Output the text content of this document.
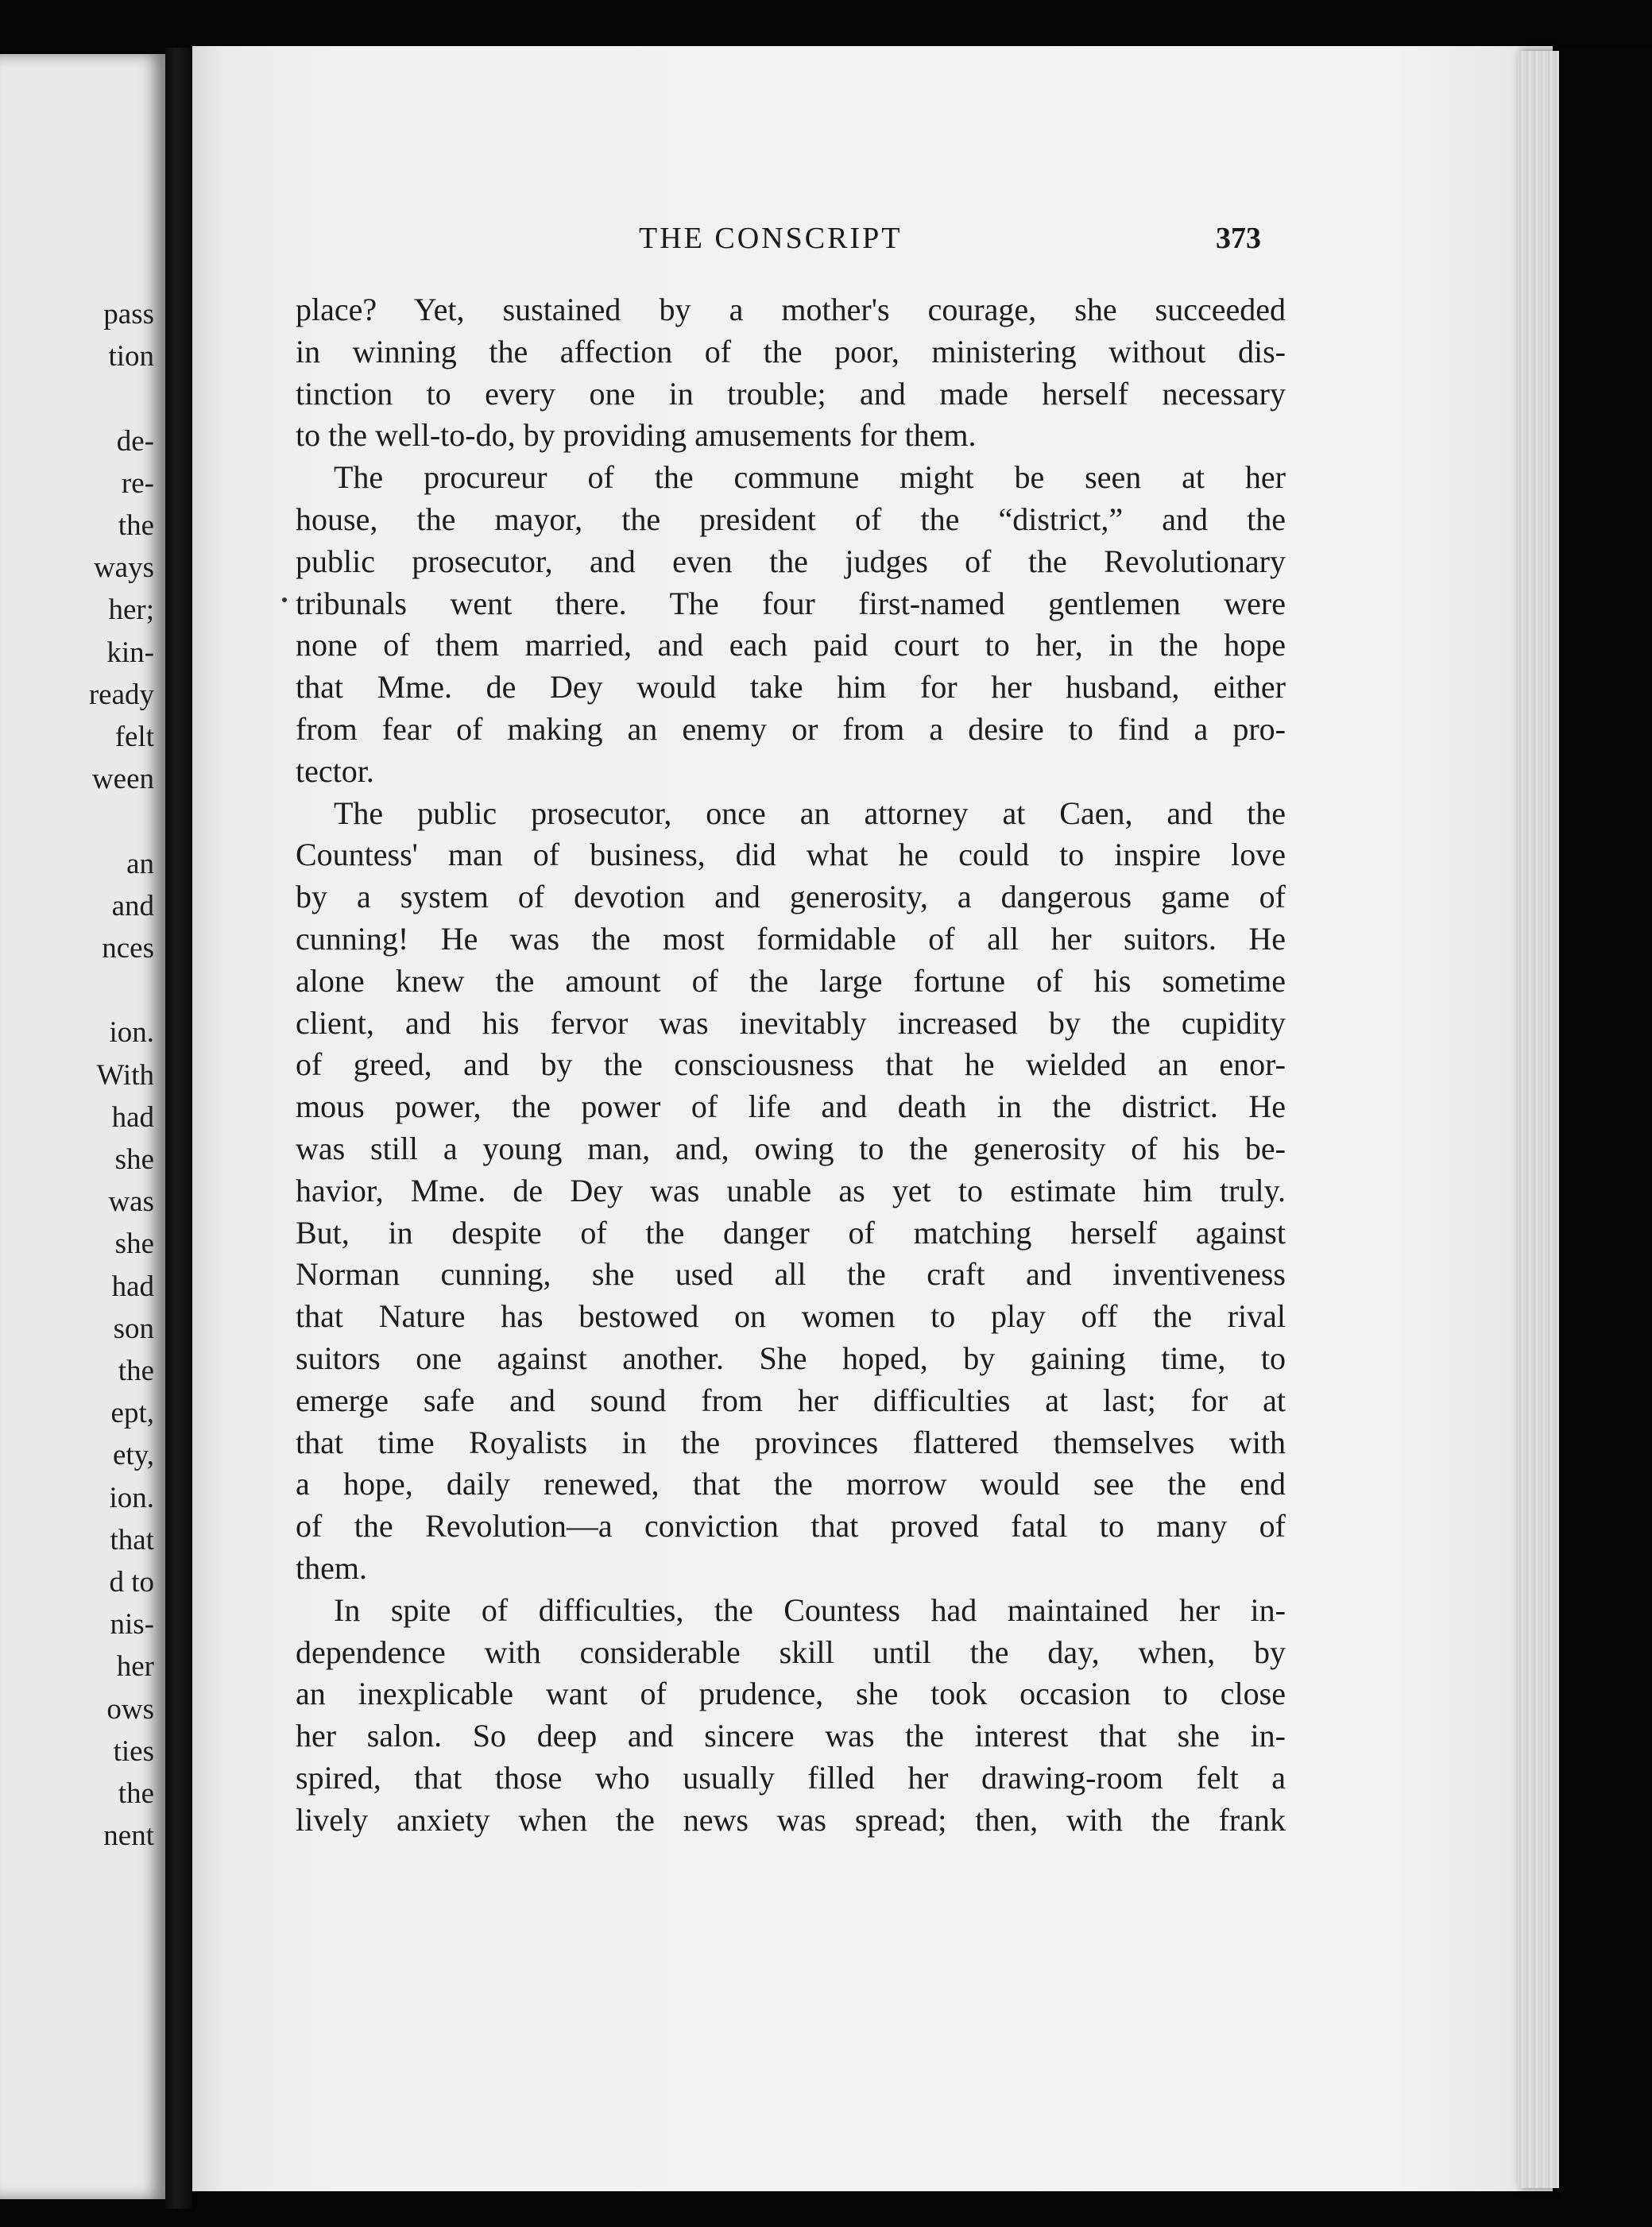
pass
tion
de-
re-
the
ways
her;
kin-
ready
felt
ween
an
and
nces
ion.
With
had
she
was
she
had
son
the
ept,
ety,
ion.
that
d to
nis-
her
ows
ties
the
nent
THE CONSCRIPT	373
place? Yet, sustained by a mother's courage, she succeeded
in winning the affection of the poor, ministering without dis-
tinction to every one in trouble; and made herself necessary
to the well-to-do, by providing amusements for them.
The procureur of the commune might be seen at her
house, the mayor, the president of the “district,” and the
public prosecutor, and even the judges of the Revolutionary
tribunals went there. The four first-named gentlemen were
none of them married, and each paid court to her, in the hope
that Mme. de Dey would take him for her husband, either
from fear of making an enemy or from a desire to find a pro-
tector.
The public prosecutor, once an attorney at Caen, and the
Countess' man of business, did what he could to inspire love
by a system of devotion and generosity, a dangerous game of
cunning! He was the most formidable of all her suitors. He
alone knew the amount of the large fortune of his sometime
client, and his fervor was inevitably increased by the cupidity
of greed, and by the consciousness that he wielded an enor-
mous power, the power of life and death in the district. He
was still a young man, and, owing to the generosity of his be-
havior, Mme. de Dey was unable as yet to estimate him truly.
But, in despite of the danger of matching herself against
Norman cunning, she used all the craft and inventiveness
that Nature has bestowed on women to play off the rival
suitors one against another. She hoped, by gaining time, to
emerge safe and sound from her difficulties at last; for at
that time Royalists in the provinces flattered themselves with
a hope, daily renewed, that the morrow would see the end
of the Revolution—a conviction that proved fatal to many of
them.
In spite of difficulties, the Countess had maintained her in-
dependence with considerable skill until the day, when, by
an inexplicable want of prudence, she took occasion to close
her salon. So deep and sincere was the interest that she in-
spired, that those who usually filled her drawing-room felt a
lively anxiety when the news was spread; then, with the frank
